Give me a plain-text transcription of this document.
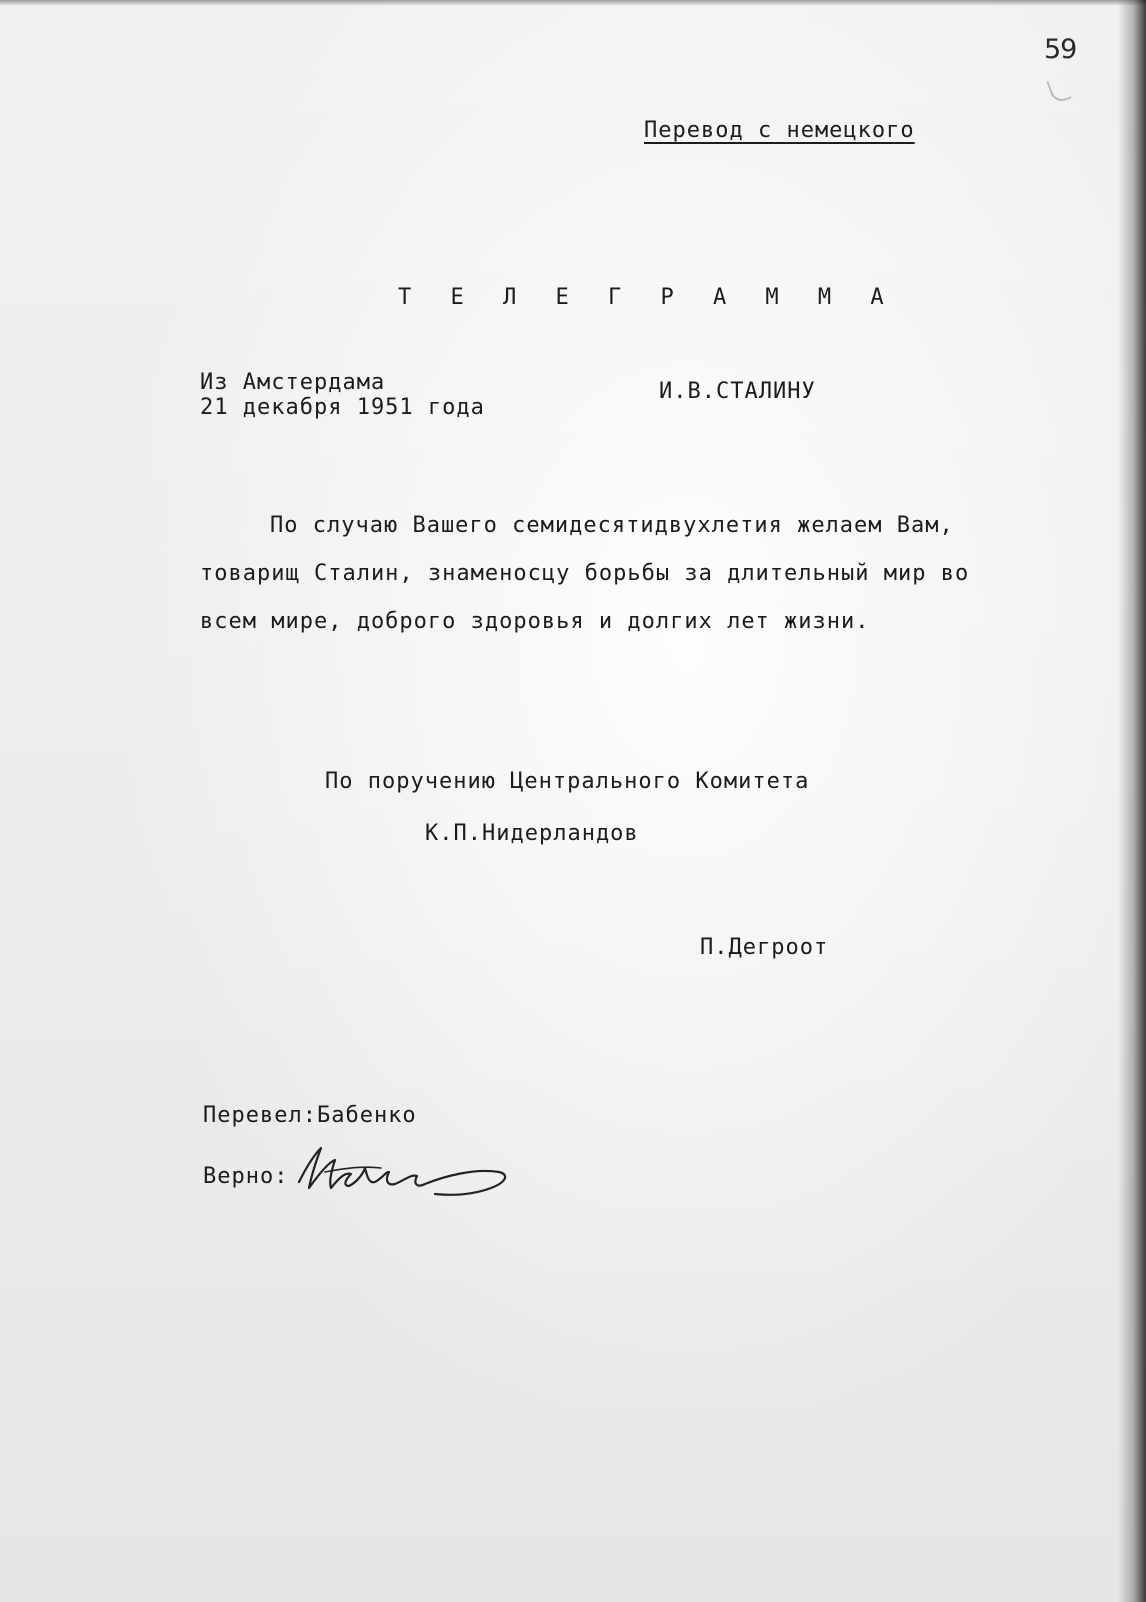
59
Перевод с немецкого
Т Е Л Е Г Р А М М А
Из Амстердама
21 декабря 1951 года
И.В.СТАЛИНУ
По случаю Вашего семидесятидвухлетия желаем Вам,
товарищ Сталин, знаменосцу борьбы за длительный мир во
всем мире, доброго здоровья и долгих лет жизни.
По поручению Центрального Комитета
К.П.Нидерландов
П.Дегроот
Перевел:Бабенко
Верно:
